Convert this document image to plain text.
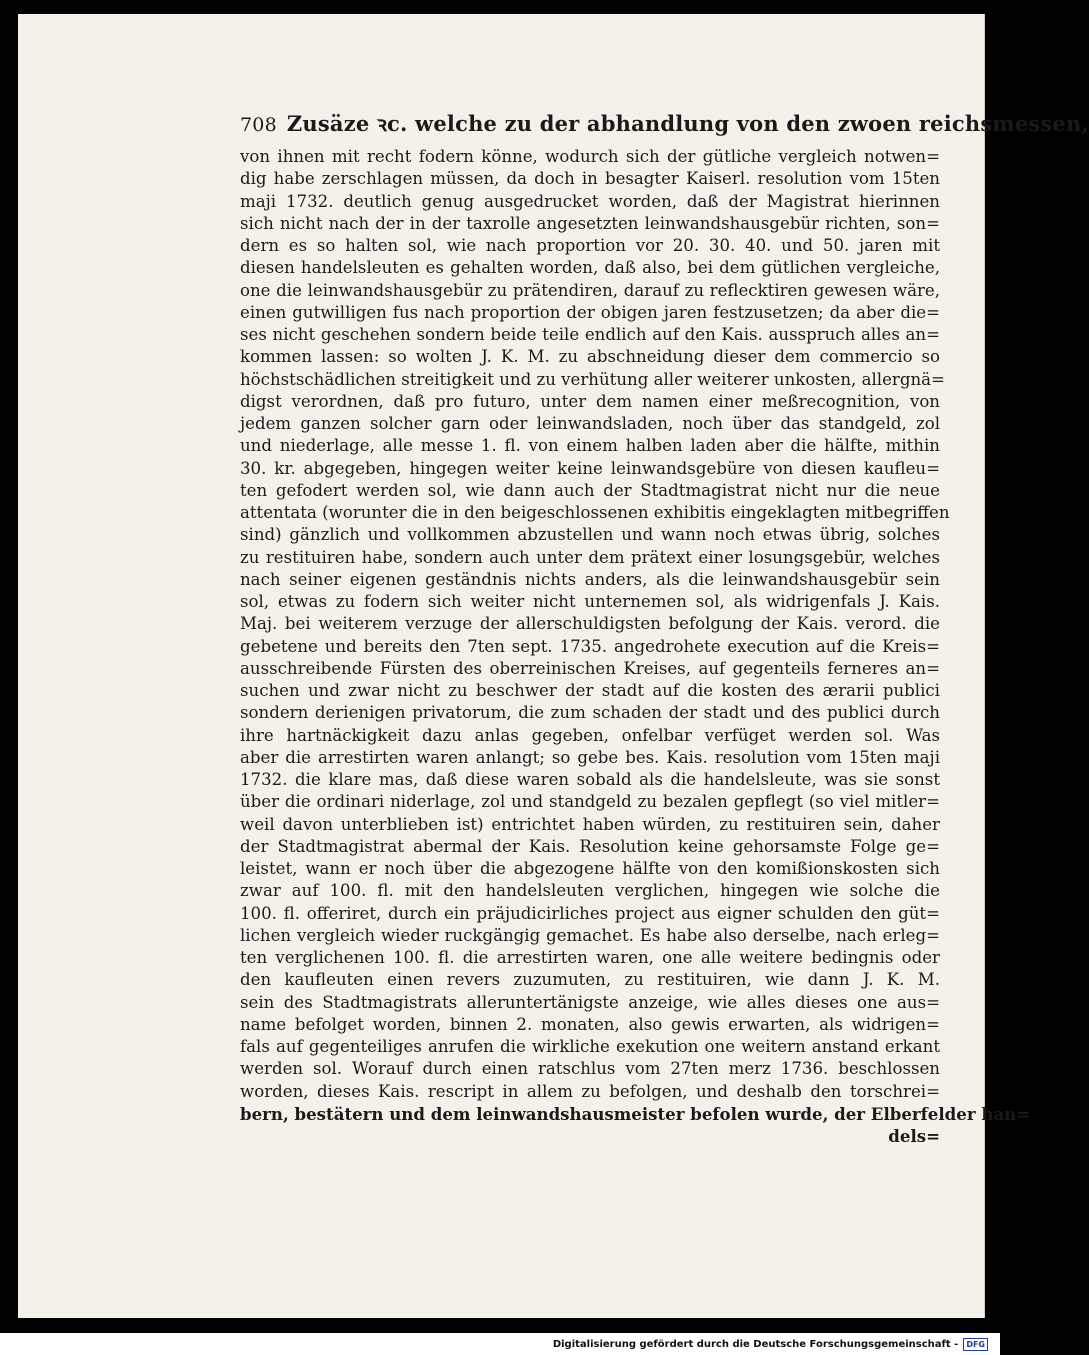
708 Zusäze ꝛc. welche zu der abhandlung von den zwoen reichsmessen,
von ihnen mit recht fodern könne, wodurch sich der gütliche vergleich notwen=
dig habe zerschlagen müssen, da doch in besagter Kaiserl. resolution vom 15ten
maji 1732. deutlich genug ausgedrucket worden, daß der Magistrat hierinnen
sich nicht nach der in der taxrolle angesetzten leinwandshausgebür richten, son=
dern es so halten sol, wie nach proportion vor 20. 30. 40. und 50. jaren mit
diesen handelsleuten es gehalten worden, daß also, bei dem gütlichen vergleiche,
one die leinwandshausgebür zu prätendiren, darauf zu reflecktiren gewesen wäre,
einen gutwilligen fus nach proportion der obigen jaren festzusetzen; da aber die=
ses nicht geschehen sondern beide teile endlich auf den Kais. ausspruch alles an=
kommen lassen: so wolten J. K. M. zu abschneidung dieser dem commercio so
höchstschädlichen streitigkeit und zu verhütung aller weiterer unkosten, allergnä=
digst verordnen, daß pro futuro, unter dem namen einer meßrecognition, von
jedem ganzen solcher garn oder leinwandsladen, noch über das standgeld, zol
und niederlage, alle messe 1. fl. von einem halben laden aber die hälfte, mithin
30. kr. abgegeben, hingegen weiter keine leinwandsgebüre von diesen kaufleu=
ten gefodert werden sol, wie dann auch der Stadtmagistrat nicht nur die neue
attentata (worunter die in den beigeschlossenen exhibitis eingeklagten mitbegriffen
sind) gänzlich und vollkommen abzustellen und wann noch etwas übrig, solches
zu restituiren habe, sondern auch unter dem prätext einer losungsgebür, welches
nach seiner eigenen geständnis nichts anders, als die leinwandshausgebür sein
sol, etwas zu fodern sich weiter nicht unternemen sol, als widrigenfals J. Kais.
Maj. bei weiterem verzuge der allerschuldigsten befolgung der Kais. verord. die
gebetene und bereits den 7ten sept. 1735. angedrohete execution auf die Kreis=
ausschreibende Fürsten des oberreinischen Kreises, auf gegenteils ferneres an=
suchen und zwar nicht zu beschwer der stadt auf die kosten des ærarii publici
sondern derienigen privatorum, die zum schaden der stadt und des publici durch
ihre hartnäckigkeit dazu anlas gegeben, onfelbar verfüget werden sol. Was
aber die arrestirten waren anlangt; so gebe bes. Kais. resolution vom 15ten maji
1732. die klare mas, daß diese waren sobald als die handelsleute, was sie sonst
über die ordinari niderlage, zol und standgeld zu bezalen gepflegt (so viel mitler=
weil davon unterblieben ist) entrichtet haben würden, zu restituiren sein, daher
der Stadtmagistrat abermal der Kais. Resolution keine gehorsamste Folge ge=
leistet, wann er noch über die abgezogene hälfte von den komißionskosten sich
zwar auf 100. fl. mit den handelsleuten verglichen, hingegen wie solche die
100. fl. offeriret, durch ein präjudicirliches project aus eigner schulden den güt=
lichen vergleich wieder ruckgängig gemachet. Es habe also derselbe, nach erleg=
ten verglichenen 100. fl. die arrestirten waren, one alle weitere bedingnis oder
den kaufleuten einen revers zuzumuten, zu restituiren, wie dann J. K. M.
sein des Stadtmagistrats alleruntertänigste anzeige, wie alles dieses one aus=
name befolget worden, binnen 2. monaten, also gewis erwarten, als widrigen=
fals auf gegenteiliges anrufen die wirkliche exekution one weitern anstand erkant
werden sol. Worauf durch einen ratschlus vom 27ten merz 1736. beschlossen
worden, dieses Kais. rescript in allem zu befolgen, und deshalb den torschrei=
bern, bestätern und dem leinwandshausmeister befolen wurde, der Elberfelder han=
dels=
Digitalisierung gefördert durch die Deutsche Forschungsgemeinschaft -	DFG
